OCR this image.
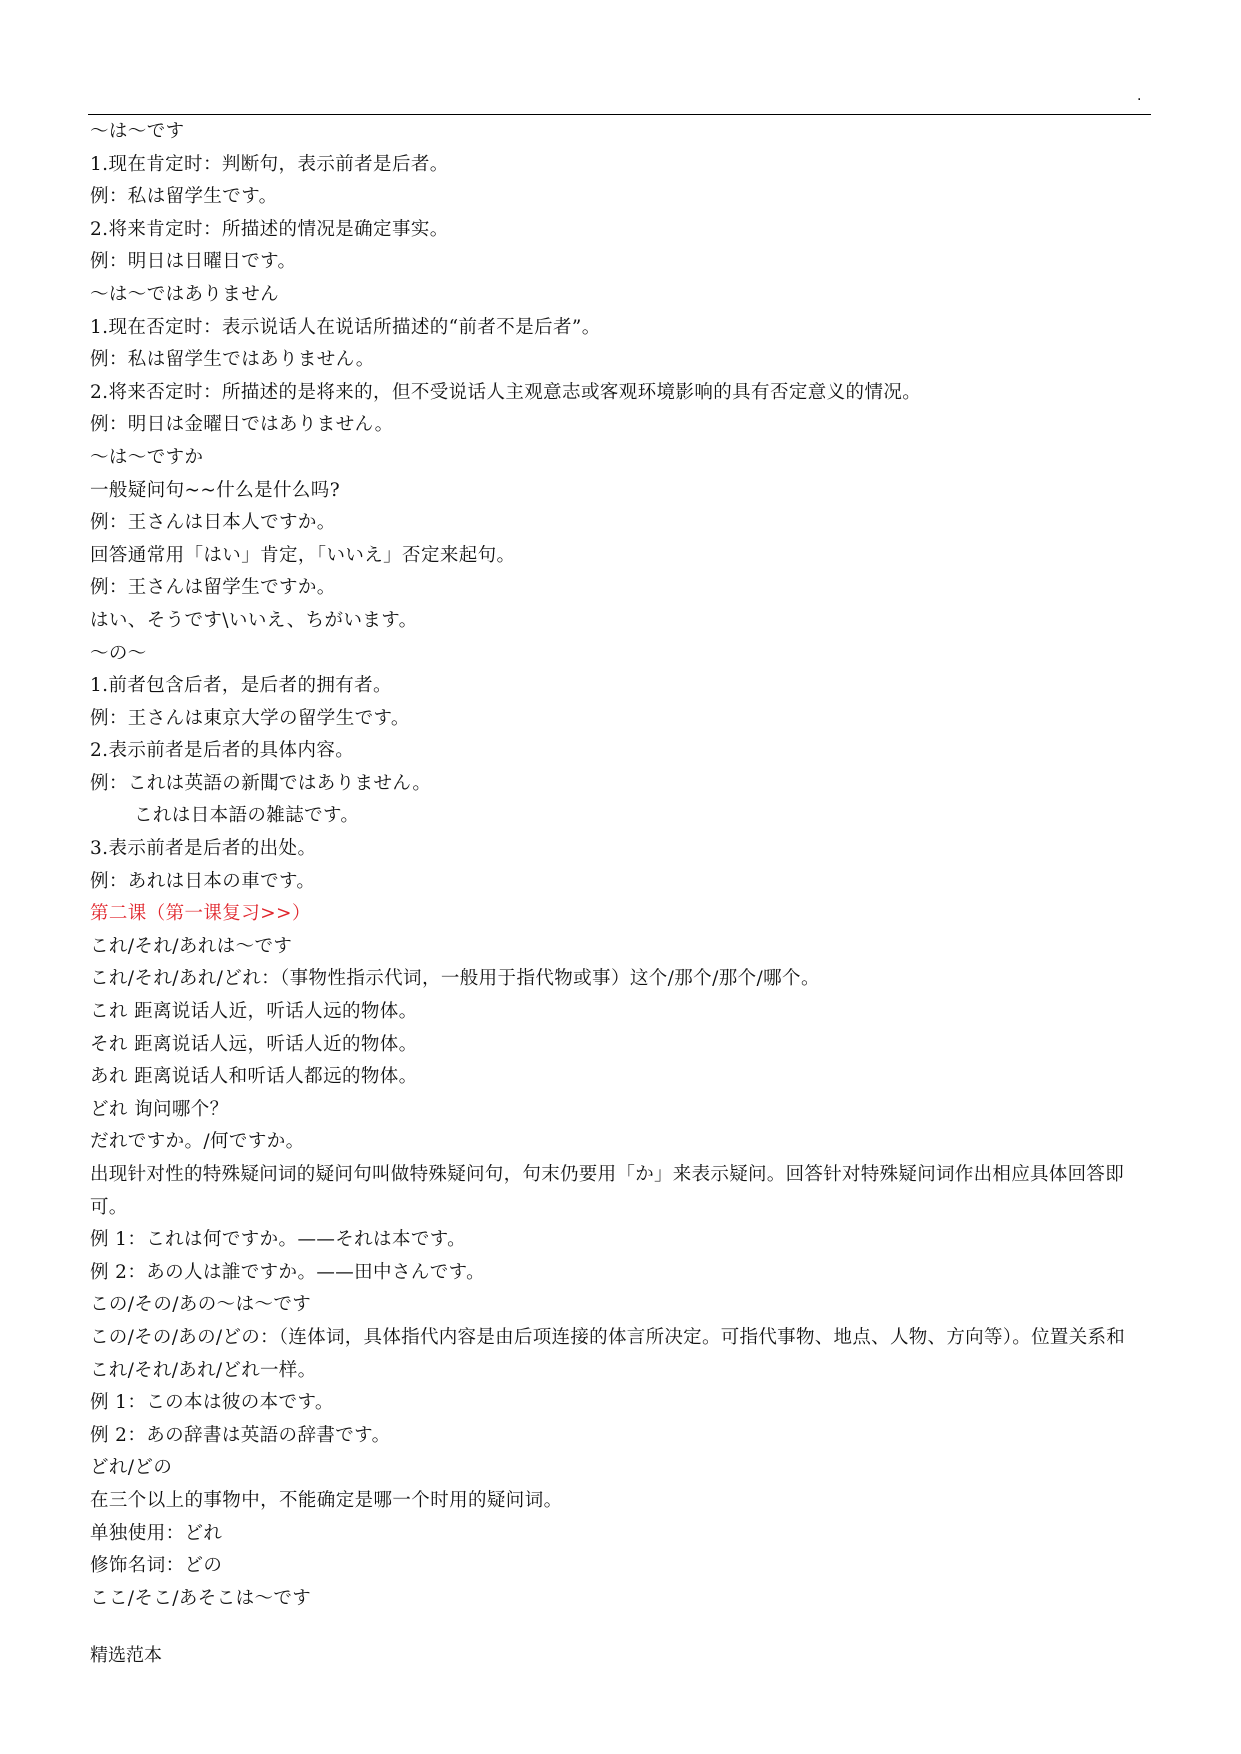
.
～は～です
1.现在肯定时：判断句，表示前者是后者。
例：私は留学生です。
2.将来肯定时：所描述的情况是确定事实。
例：明日は日曜日です。
～は～ではありません
1.现在否定时：表示说话人在说话所描述的“前者不是后者”。
例：私は留学生ではありません。
2.将来否定时：所描述的是将来的，但不受说话人主观意志或客观环境影响的具有否定意义的情况。
例：明日は金曜日ではありません。
～は～ですか
一般疑问句~~什么是什么吗?
例：王さんは日本人ですか。
回答通常用「はい」肯定，「いいえ」否定来起句。
例：王さんは留学生ですか。
はい、そうです\いいえ、ちがいます。
～の～
1.前者包含后者，是后者的拥有者。
例：王さんは東京大学の留学生です。
2.表示前者是后者的具体内容。
例：これは英語の新聞ではありません。
これは日本語の雑誌です。
3.表示前者是后者的出处。
例：あれは日本の車です。
第二课（第一课复习>>）
これ/それ/あれは～です
これ/それ/あれ/どれ：（事物性指示代词，一般用于指代物或事）这个/那个/那个/哪个。
これ 距离说话人近，听话人远的物体。
それ 距离说话人远，听话人近的物体。
あれ 距离说话人和听话人都远的物体。
どれ 询问哪个？
だれですか。/何ですか。
出现针对性的特殊疑问词的疑问句叫做特殊疑问句，句末仍要用「か」来表示疑问。回答针对特殊疑问词作出相应具体回答即可。
例 1：これは何ですか。——それは本です。
例 2：あの人は誰ですか。——田中さんです。
この/その/あの～は～です
この/その/あの/どの：（连体词，具体指代内容是由后项连接的体言所决定。可指代事物、地点、人物、方向等）。位置关系和 これ/それ/あれ/どれ一样。
例 1：この本は彼の本です。
例 2：あの辞書は英語の辞書です。
どれ/どの
在三个以上的事物中，不能确定是哪一个时用的疑问词。
单独使用：どれ
修饰名词：どの
ここ/そこ/あそこは～です
精选范本
